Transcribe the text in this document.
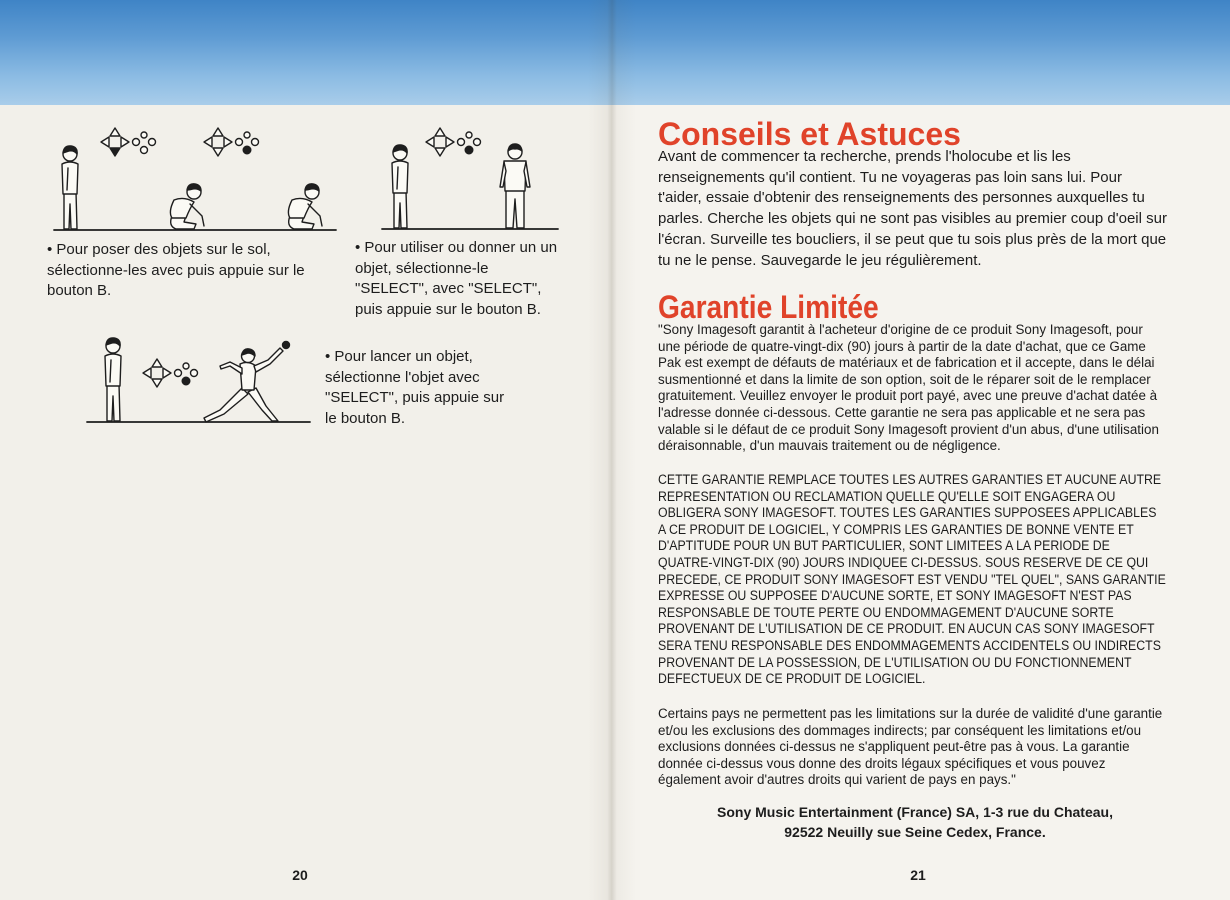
• Pour poser des objets sur le sol,
sélectionne-les avec puis appuie sur le
bouton B.
• Pour utiliser ou donner un un
objet, sélectionne-le
"SELECT", avec "SELECT",
puis appuie sur le bouton B.
• Pour lancer un objet,
sélectionne l'objet avec
"SELECT", puis appuie sur
le bouton B.
20
Conseils et Astuces
Avant de commencer ta recherche, prends l'holocube et lis les
renseignements qu'il contient. Tu ne voyageras pas loin sans lui. Pour
t'aider, essaie d'obtenir des renseignements des personnes auxquelles tu
parles. Cherche les objets qui ne sont pas visibles au premier coup d'oeil sur
l'écran. Surveille tes boucliers, il se peut que tu sois plus près de la mort que
tu ne le pense. Sauvegarde le jeu régulièrement.
Garantie Limitée
"Sony Imagesoft garantit à l'acheteur d'origine de ce produit Sony Imagesoft, pour
une période de quatre-vingt-dix (90) jours à partir de la date d'achat, que ce Game
Pak est exempt de défauts de matériaux et de fabrication et il accepte, dans le délai
susmentionné et dans la limite de son option, soit de le réparer soit de le remplacer
gratuitement. Veuillez envoyer le produit port payé, avec une preuve d'achat datée à
l'adresse donnée ci-dessous. Cette garantie ne sera pas applicable et ne sera pas
valable si le défaut de ce produit Sony Imagesoft provient d'un abus, d'une utilisation
déraisonnable, d'un mauvais traitement ou de négligence.
CETTE GARANTIE REMPLACE TOUTES LES AUTRES GARANTIES ET AUCUNE AUTRE
REPRESENTATION OU RECLAMATION QUELLE QU'ELLE SOIT ENGAGERA OU
OBLIGERA SONY IMAGESOFT. TOUTES LES GARANTIES SUPPOSEES APPLICABLES
A CE PRODUIT DE LOGICIEL, Y COMPRIS LES GARANTIES DE BONNE VENTE ET
D'APTITUDE POUR UN BUT PARTICULIER, SONT LIMITEES A LA PERIODE DE
QUATRE-VINGT-DIX (90) JOURS INDIQUEE CI-DESSUS. SOUS RESERVE DE CE QUI
PRECEDE, CE PRODUIT SONY IMAGESOFT EST VENDU "TEL QUEL", SANS GARANTIE
EXPRESSE OU SUPPOSEE D'AUCUNE SORTE, ET SONY IMAGESOFT N'EST PAS
RESPONSABLE DE TOUTE PERTE OU ENDOMMAGEMENT D'AUCUNE SORTE
PROVENANT DE L'UTILISATION DE CE PRODUIT. EN AUCUN CAS SONY IMAGESOFT
SERA TENU RESPONSABLE DES ENDOMMAGEMENTS ACCIDENTELS OU INDIRECTS
PROVENANT DE LA POSSESSION, DE L'UTILISATION OU DU FONCTIONNEMENT
DEFECTUEUX DE CE PRODUIT DE LOGICIEL.
Certains pays ne permettent pas les limitations sur la durée de validité d'une garantie
et/ou les exclusions des dommages indirects; par conséquent les limitations et/ou
exclusions données ci-dessus ne s'appliquent peut-être pas à vous. La garantie
donnée ci-dessus vous donne des droits légaux spécifiques et vous pouvez
également avoir d'autres droits qui varient de pays en pays."
Sony Music Entertainment (France) SA, 1-3 rue du Chateau,
92522 Neuilly sue Seine Cedex, France.
21
